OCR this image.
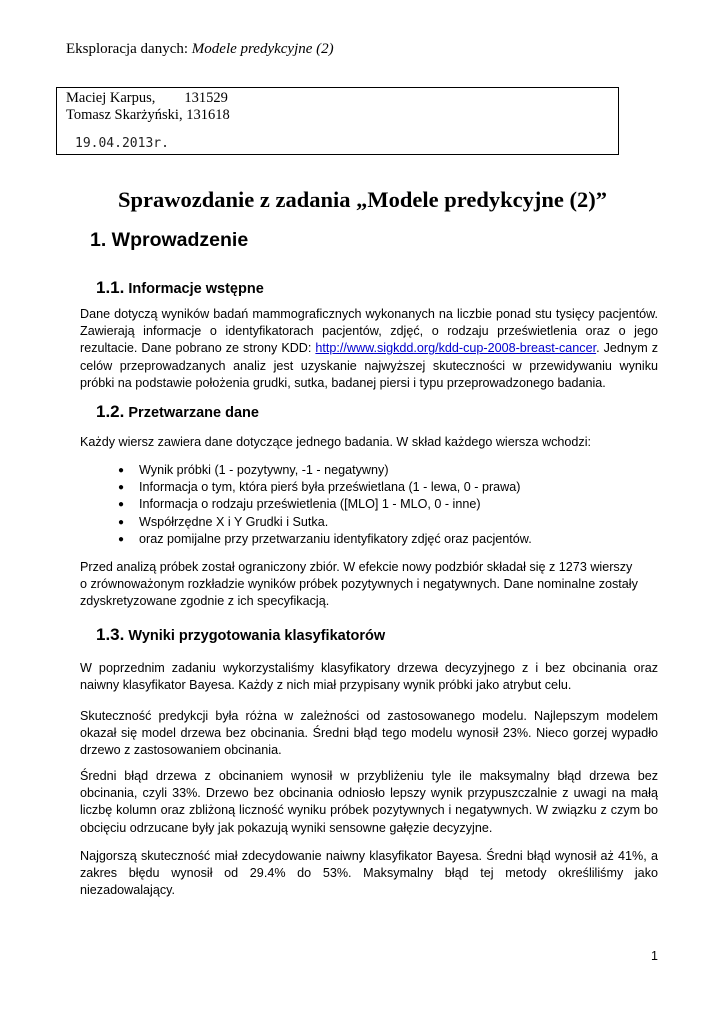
Eksploracja danych: Modele predykcyjne (2)
Maciej Karpus,        131529
Tomasz Skarżyński, 131618
19.04.2013r.
Sprawozdanie z zadania „Modele predykcyjne (2)”
1. Wprowadzenie
1.1. Informacje wstępne
Dane dotyczą wyników badań mammograficznych wykonanych na liczbie ponad stu tysięcy pacjentów. Zawierają informacje o identyfikatorach pacjentów, zdjęć, o rodzaju prześwietlenia oraz o jego rezultacie. Dane pobrano ze strony KDD: http://www.sigkdd.org/kdd-cup-2008-breast-cancer. Jednym z celów przeprowadzanych analiz jest uzyskanie najwyższej skuteczności w przewidywaniu wyniku próbki na podstawie położenia grudki, sutka, badanej piersi i typu przeprowadzonego badania.
1.2. Przetwarzane dane
Każdy wiersz zawiera dane dotyczące jednego badania. W skład każdego wiersza wchodzi:
● Wynik próbki (1 - pozytywny, -1 - negatywny)
● Informacja o tym, która pierś była prześwietlana (1 - lewa, 0 - prawa)
● Informacja o rodzaju prześwietlenia ([MLO] 1 - MLO, 0 - inne)
● Współrzędne X i Y Grudki i Sutka.
● oraz pomijalne przy przetwarzaniu identyfikatory zdjęć oraz pacjentów.
Przed analizą próbek został ograniczony zbiór. W efekcie nowy podzbiór składał się z 1273 wierszy o zrównoważonym rozkładzie wyników próbek pozytywnych i negatywnych. Dane nominalne zostały zdyskretyzowane zgodnie z ich specyfikacją.
1.3. Wyniki przygotowania klasyfikatorów
W poprzednim zadaniu wykorzystaliśmy klasyfikatory drzewa decyzyjnego z i bez obcinania oraz naiwny klasyfikator Bayesa. Każdy z nich miał przypisany wynik próbki jako atrybut celu.
Skuteczność predykcji była różna w zależności od zastosowanego modelu. Najlepszym modelem okazał się model drzewa bez obcinania. Średni błąd tego modelu wynosił 23%. Nieco gorzej wypadło drzewo z zastosowaniem obcinania.
Średni błąd drzewa z obcinaniem wynosił w przybliżeniu tyle ile maksymalny błąd drzewa bez obcinania, czyli 33%. Drzewo bez obcinania odniosło lepszy wynik przypuszczalnie z uwagi na małą liczbę kolumn oraz zbliżoną liczność wyniku próbek pozytywnych i negatywnych. W związku z czym bo obcięciu odrzucane były jak pokazują wyniki sensowne gałęzie decyzyjne.
Najgorszą skuteczność miał zdecydowanie naiwny klasyfikator Bayesa. Średni błąd wynosił aż 41%, a zakres błędu wynosił od 29.4% do 53%. Maksymalny błąd tej metody określiliśmy jako niezadowalający.
1
